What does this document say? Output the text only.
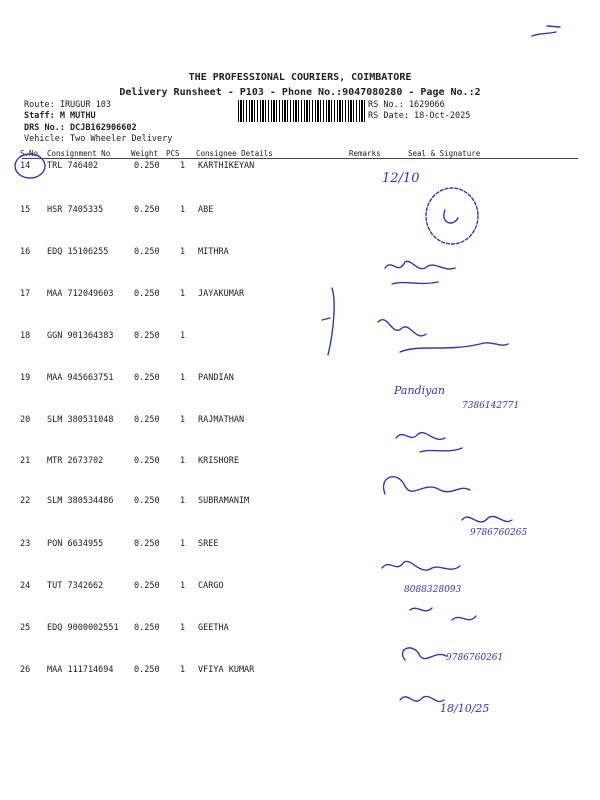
THE PROFESSIONAL COURIERS, COIMBATORE
Delivery Runsheet - P103 - Phone No.:9047080280 - Page No.:2
Route: IRUGUR 103
Staff: M MUTHU
DRS No.: DCJB162906602
Vehicle: Two Wheeler Delivery
RS No.: 1629066
RS Date: 18-Oct-2025
S.No Consignment No	Weight PCS Consignee Details	Remarks	Seal & Signature
14 TRL 746402	0.250 1 KARTHIKEYAN
15 HSR 7405335	0.250 1 ABE
16 EDQ 15106255	0.250 1 MITHRA
17 MAA 712049603 0.250 1 JAYAKUMAR
18 GGN 901364383 0.250 1
19 MAA 945663751 0.250 1 PANDIAN
20 SLM 380531048 0.250 1 RAJMATHAN
21 MTR 2673702	0.250 1 KRISHORE
22 SLM 380534486 0.250 1 SUBRAMANIM
23 PON 6634955	0.250 1 SREE
24 TUT 7342662	0.250 1 CARGO
25 EDQ 9000002551 0.250 1 GEETHA
26 MAA 111714694 0.250 1 VFIYA KUMAR
12/10
Pandiyan
7386142771
9786760265
8088328093
9786760261
18/10/25
